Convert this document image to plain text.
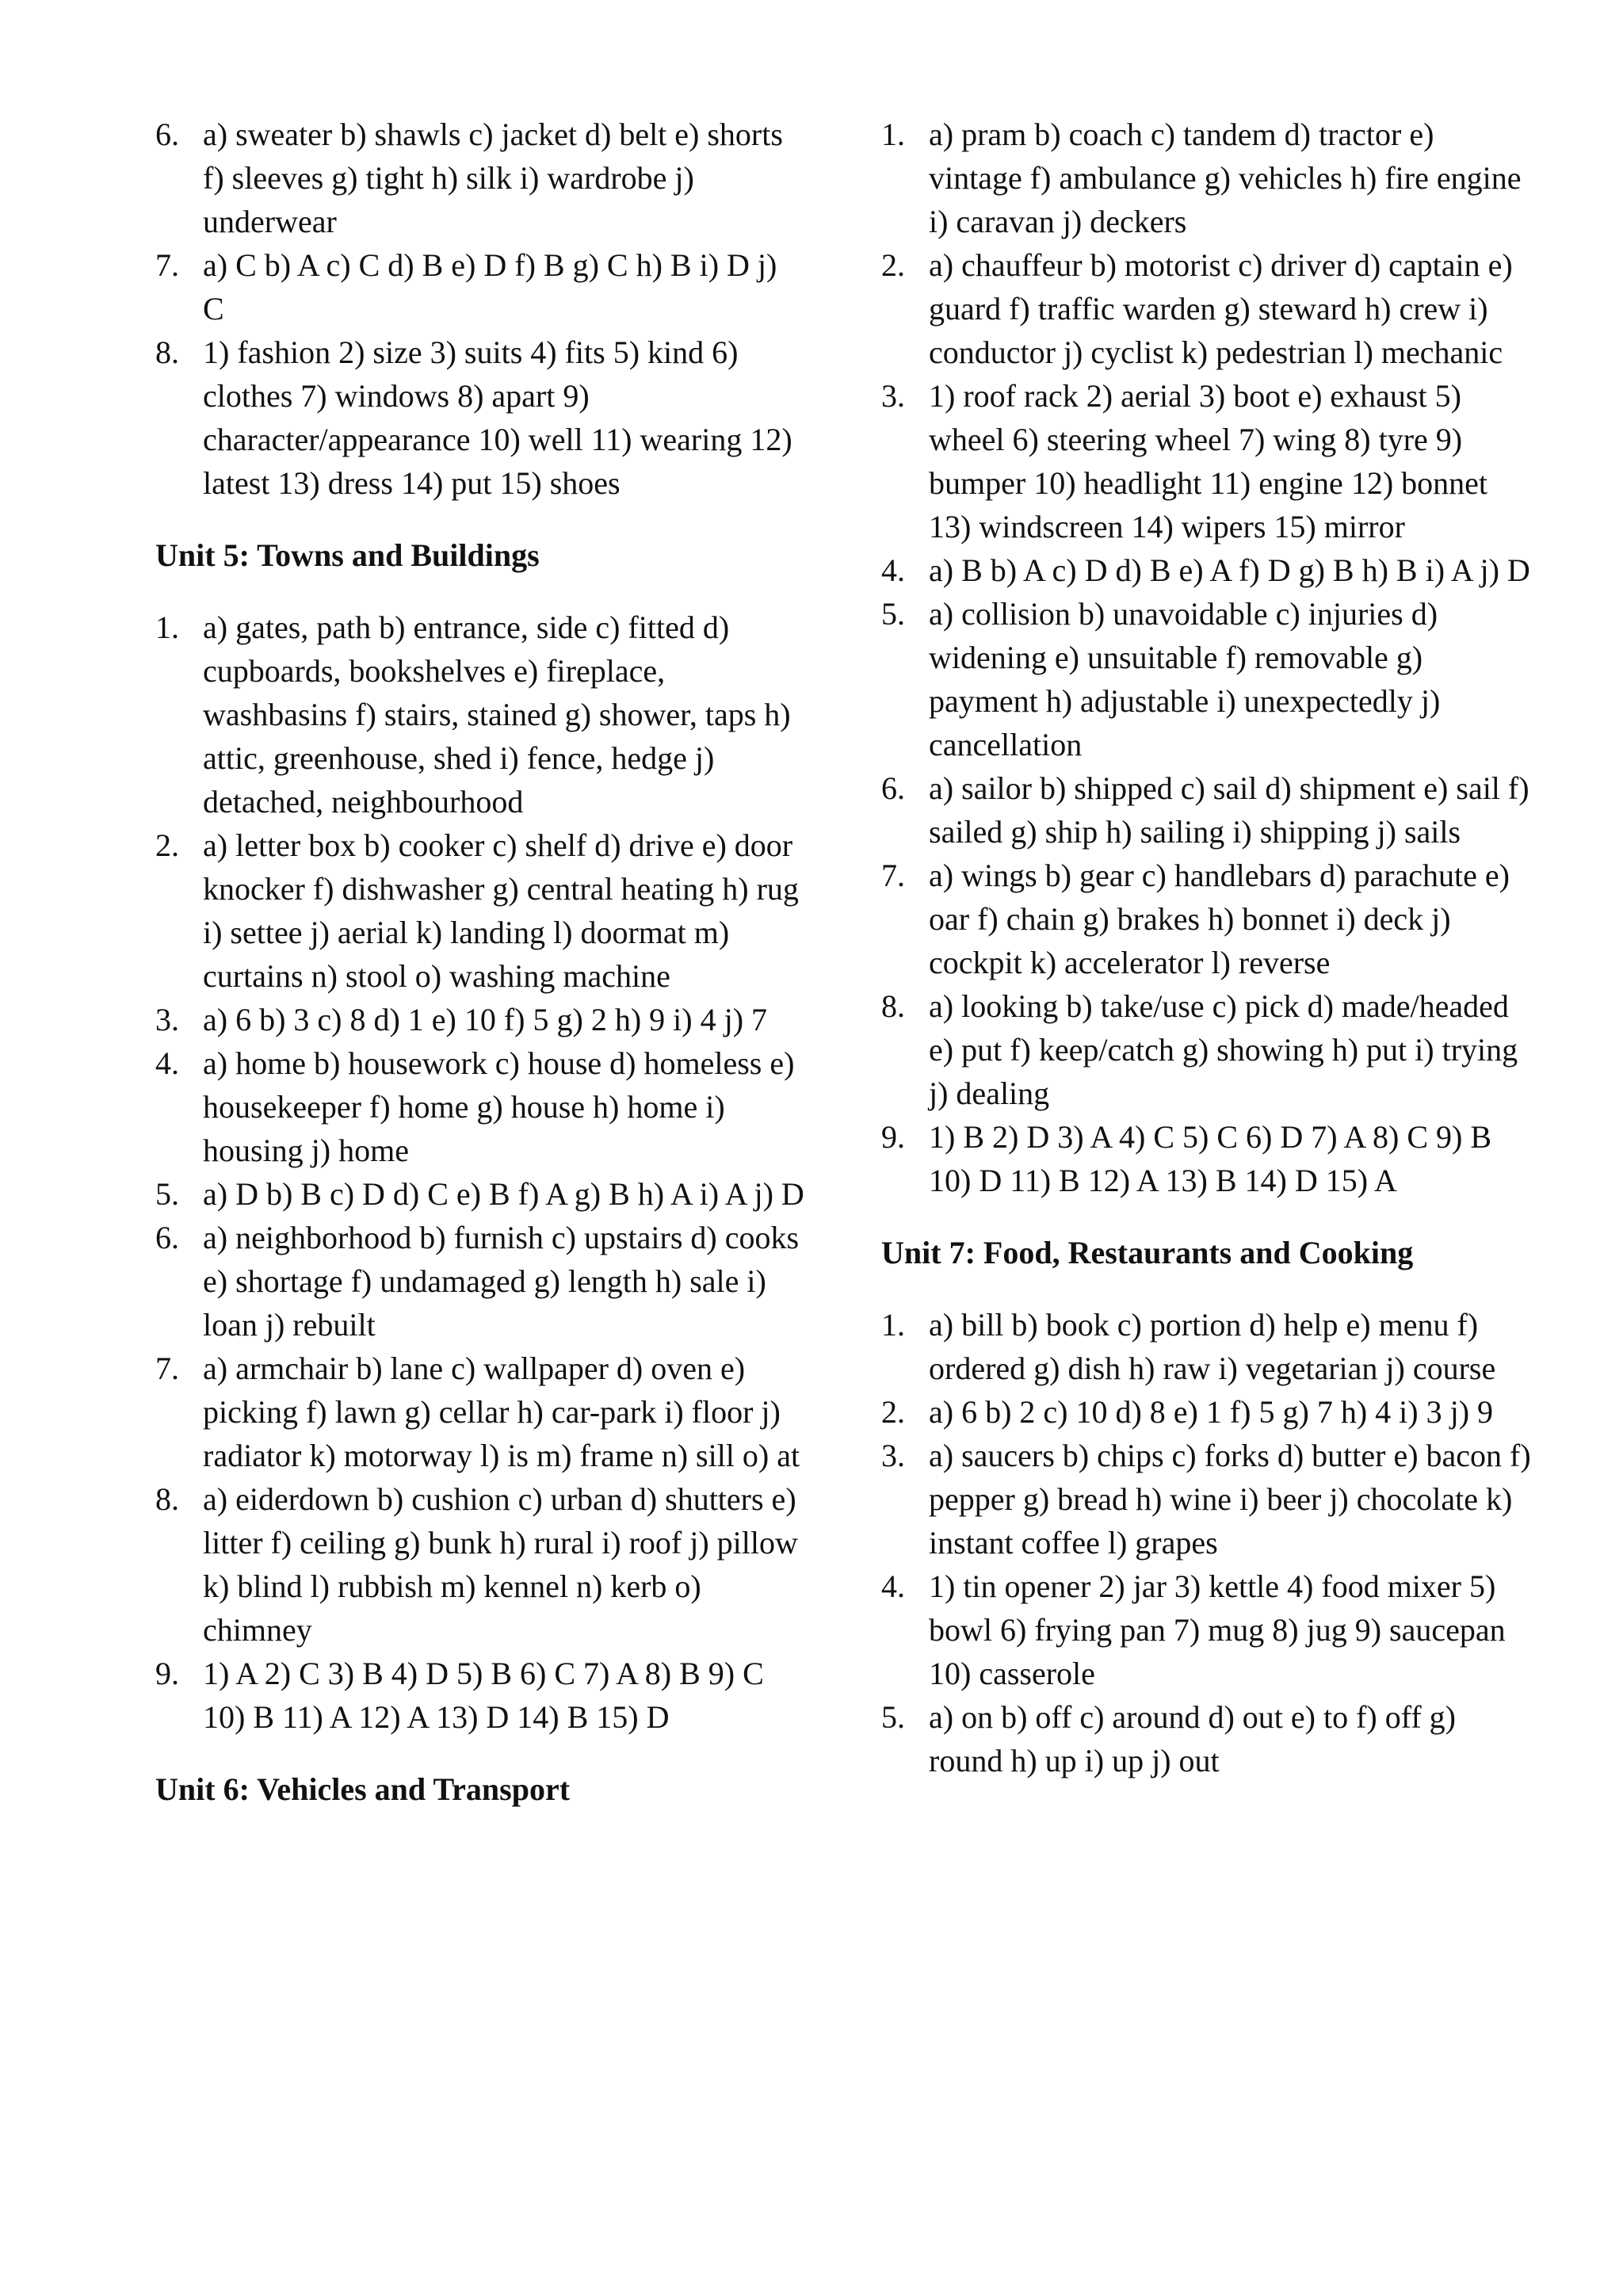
6. a) sweater b) shawls c) jacket d) belt e) shorts f) sleeves g) tight h) silk i) wardrobe j) underwear
7. a) C b) A c) C d) B e) D f) B g) C h) B i) D j) C
8. 1) fashion 2) size 3) suits 4) fits 5) kind 6) clothes 7) windows 8) apart 9) character/appearance 10) well 11) wearing 12) latest 13) dress 14) put 15) shoes

Unit 5: Towns and Buildings

1. a) gates, path b) entrance, side c) fitted d) cupboards, bookshelves e) fireplace, washbasins f) stairs, stained g) shower, taps h) attic, greenhouse, shed i) fence, hedge j) detached, neighbourhood
2. a) letter box b) cooker c) shelf d) drive e) door knocker f) dishwasher g) central heating h) rug i) settee j) aerial k) landing l) doormat m) curtains n) stool o) washing machine
3. a) 6 b) 3 c) 8 d) 1 e) 10 f) 5 g) 2 h) 9 i) 4 j) 7
4. a) home b) housework c) house d) homeless e) housekeeper f) home g) house h) home i) housing j) home
5. a) D b) B c) D d) C e) B f) A g) B h) A i) A j) D
6. a) neighborhood b) furnish c) upstairs d) cooks e) shortage f) undamaged g) length h) sale i) loan j) rebuilt
7. a) armchair b) lane c) wallpaper d) oven e) picking f) lawn g) cellar h) car-park i) floor j) radiator k) motorway l) is m) frame n) sill o) at
8. a) eiderdown b) cushion c) urban d) shutters e) litter f) ceiling g) bunk h) rural i) roof j) pillow k) blind l) rubbish m) kennel n) kerb o) chimney
9. 1) A 2) C 3) B 4) D 5) B 6) C 7) A 8) B 9) C 10) B 11) A 12) A 13) D 14) B 15) D

Unit 6: Vehicles and Transport

1. a) pram b) coach c) tandem d) tractor e) vintage f) ambulance g) vehicles h) fire engine i) caravan j) deckers
2. a) chauffeur b) motorist c) driver d) captain e) guard f) traffic warden g) steward h) crew i) conductor j) cyclist k) pedestrian l) mechanic
3. 1) roof rack 2) aerial 3) boot e) exhaust 5) wheel 6) steering wheel 7) wing 8) tyre 9) bumper 10) headlight 11) engine 12) bonnet 13) windscreen 14) wipers 15) mirror
4. a) B b) A c) D d) B e) A f) D g) B h) B i) A j) D
5. a) collision b) unavoidable c) injuries d) widening e) unsuitable f) removable g) payment h) adjustable i) unexpectedly j) cancellation
6. a) sailor b) shipped c) sail d) shipment e) sail f) sailed g) ship h) sailing i) shipping j) sails
7. a) wings b) gear c) handlebars d) parachute e) oar f) chain g) brakes h) bonnet i) deck j) cockpit k) accelerator l) reverse
8. a) looking b) take/use c) pick d) made/headed e) put f) keep/catch g) showing h) put i) trying j) dealing
9. 1) B 2) D 3) A 4) C 5) C 6) D 7) A 8) C 9) B 10) D 11) B 12) A 13) B 14) D 15) A

Unit 7: Food, Restaurants and Cooking

1. a) bill b) book c) portion d) help e) menu f) ordered g) dish h) raw i) vegetarian j) course
2. a) 6 b) 2 c) 10 d) 8 e) 1 f) 5 g) 7 h) 4 i) 3 j) 9
3. a) saucers b) chips c) forks d) butter e) bacon f) pepper g) bread h) wine i) beer j) chocolate k) instant coffee l) grapes
4. 1) tin opener 2) jar 3) kettle 4) food mixer 5) bowl 6) frying pan 7) mug 8) jug 9) saucepan 10) casserole
5. a) on b) off c) around d) out e) to f) off g) round h) up i) up j) out
